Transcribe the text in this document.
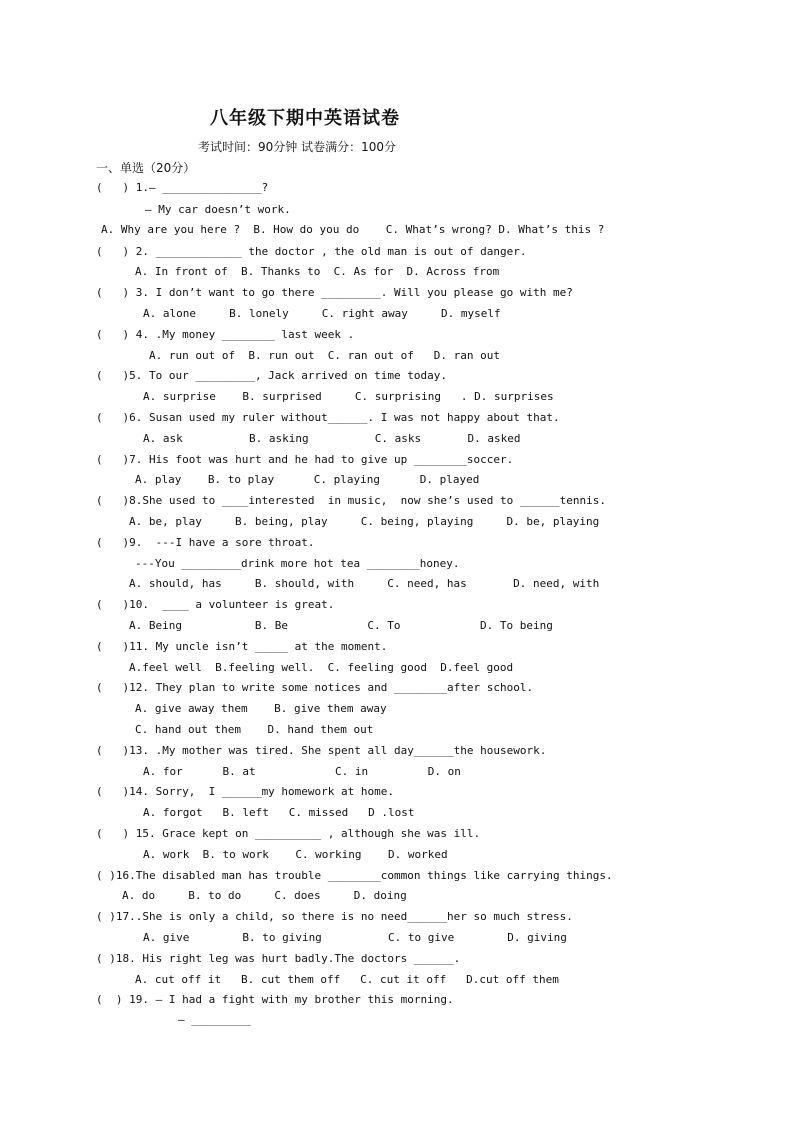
八年级下期中英语试卷
考试时间：90分钟 试卷满分：100分
一、单选（20分）
(   ) 1.— _______________?
— My car doesn’t work.
A. Why are you here ?  B. How do you do    C. What’s wrong? D. What’s this ?
(   ) 2. _____________ the doctor , the old man is out of danger.
A. In front of  B. Thanks to  C. As for  D. Across from
(   ) 3. I don’t want to go there _________. Will you please go with me?
A. alone     B. lonely     C. right away     D. myself
(   ) 4. .My money ________ last week .
A. run out of  B. run out  C. ran out of   D. ran out
(   )5. To our _________, Jack arrived on time today.
A. surprise    B. surprised     C. surprising   . D. surprises
(   )6. Susan used my ruler without______. I was not happy about that.
A. ask          B. asking          C. asks       D. asked
(   )7. His foot was hurt and he had to give up ________soccer.
A. play    B. to play      C. playing      D. played
(   )8.She used to ____interested  in music,  now she’s used to ______tennis.
A. be, play     B. being, play     C. being, playing     D. be, playing
(   )9.  ---I have a sore throat.
---You _________drink more hot tea ________honey.
A. should, has     B. should, with     C. need, has       D. need, with
(   )10.  ____ a volunteer is great.
A. Being           B. Be            C. To            D. To being
(   )11. My uncle isn’t _____ at the moment.
A.feel well  B.feeling well.  C. feeling good  D.feel good
(   )12. They plan to write some notices and ________after school.
A. give away them    B. give them away
C. hand out them    D. hand them out
(   )13. .My mother was tired. She spent all day______the housework.
A. for      B. at            C. in         D. on
(   )14. Sorry,  I ______my homework at home.
A. forgot   B. left   C. missed   D .lost
(   ) 15. Grace kept on __________ , although she was ill.
A. work  B. to work    C. working    D. worked
( )16.The disabled man has trouble ________common things like carrying things.
A. do     B. to do     C. does     D. doing
( )17..She is only a child, so there is no need______her so much stress.
A. give        B. to giving          C. to give        D. giving
( )18. His right leg was hurt badly.The doctors ______.
A. cut off it   B. cut them off   C. cut it off   D.cut off them
(  ) 19. — I had a fight with my brother this morning.
— _________
